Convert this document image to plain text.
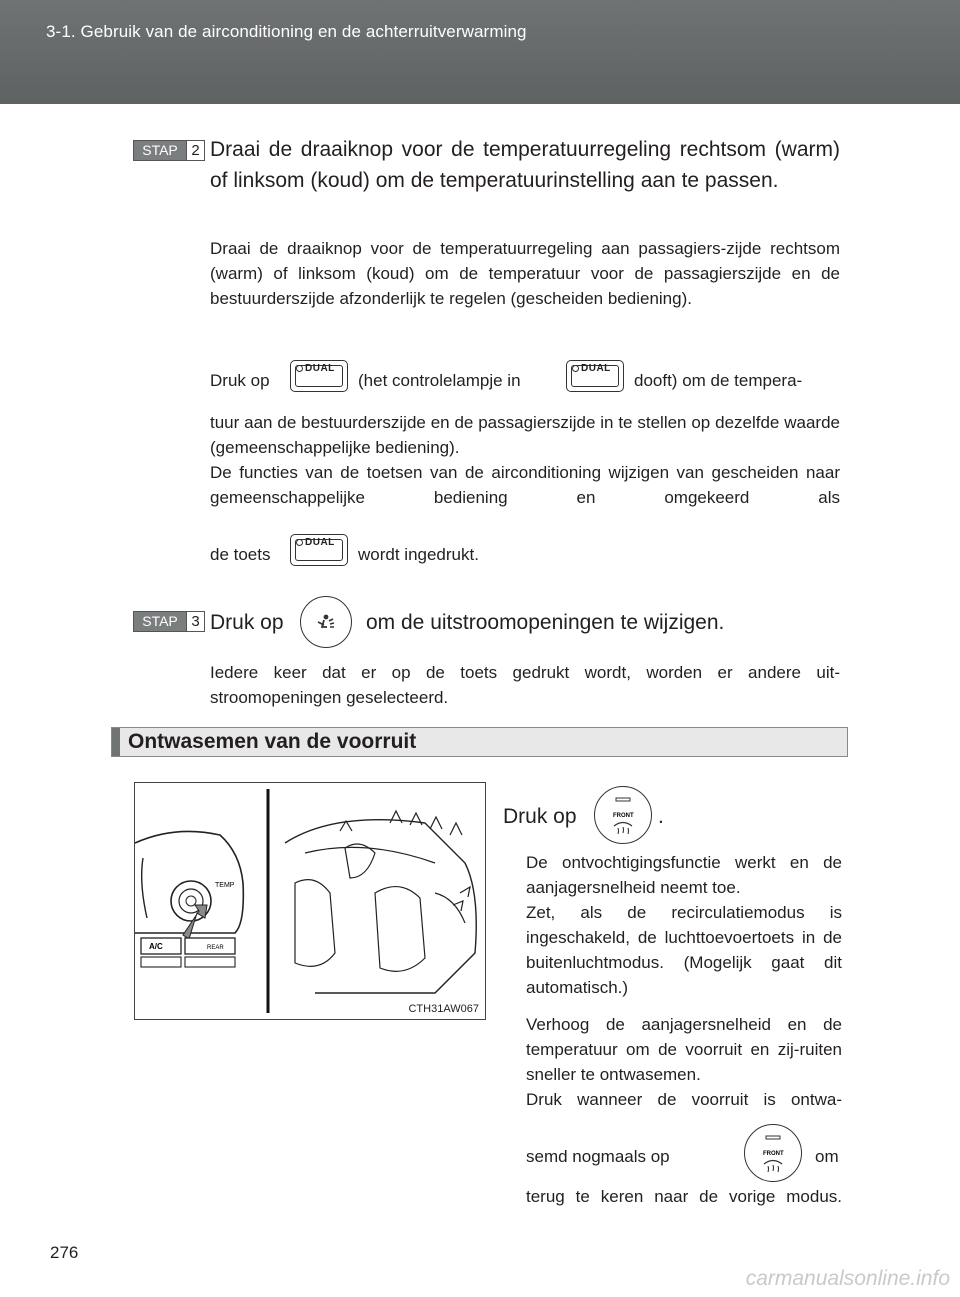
3-1. Gebruik van de airconditioning en de achterruitverwarming
STAP 2 Draai de draaiknop voor de temperatuurregeling rechtsom (warm) of linksom (koud) om de temperatuurinstelling aan te passen.
Draai de draaiknop voor de temperatuurregeling aan passagiers-zijde rechtsom (warm) of linksom (koud) om de temperatuur voor de passagierszijde en de bestuurderszijde afzonderlijk te regelen (gescheiden bediening).
Druk op
DUAL
(het controlelampje in
DUAL
dooft) om de tempera-
tuur aan de bestuurderszijde en de passagierszijde in te stellen op dezelfde waarde (gemeenschappelijke bediening).
De functies van de toetsen van de airconditioning wijzigen van gescheiden naar gemeenschappelijke bediening en omgekeerd als
de toets
DUAL
wordt ingedrukt.
STAP 3 Druk op	om de uitstroomopeningen te wijzigen.
Iedere keer dat er op de toets gedrukt wordt, worden er andere uit-stroomopeningen geselecteerd.
Ontwasemen van de voorruit
TEMP
A/C	REAR
CTH31AW067
Druk op	FRONT .
De ontvochtigingsfunctie werkt en de aanjagersnelheid neemt toe.
Zet, als de recirculatiemodus is ingeschakeld, de luchttoevoertoets in de buitenluchtmodus. (Mogelijk gaat dit automatisch.)
Verhoog de aanjagersnelheid en de temperatuur om de voorruit en zij-ruiten sneller te ontwasemen.
Druk wanneer de voorruit is ontwa-
semd nogmaals op	FRONT om
terug te keren naar de vorige modus.
276
carmanualsonline.info
